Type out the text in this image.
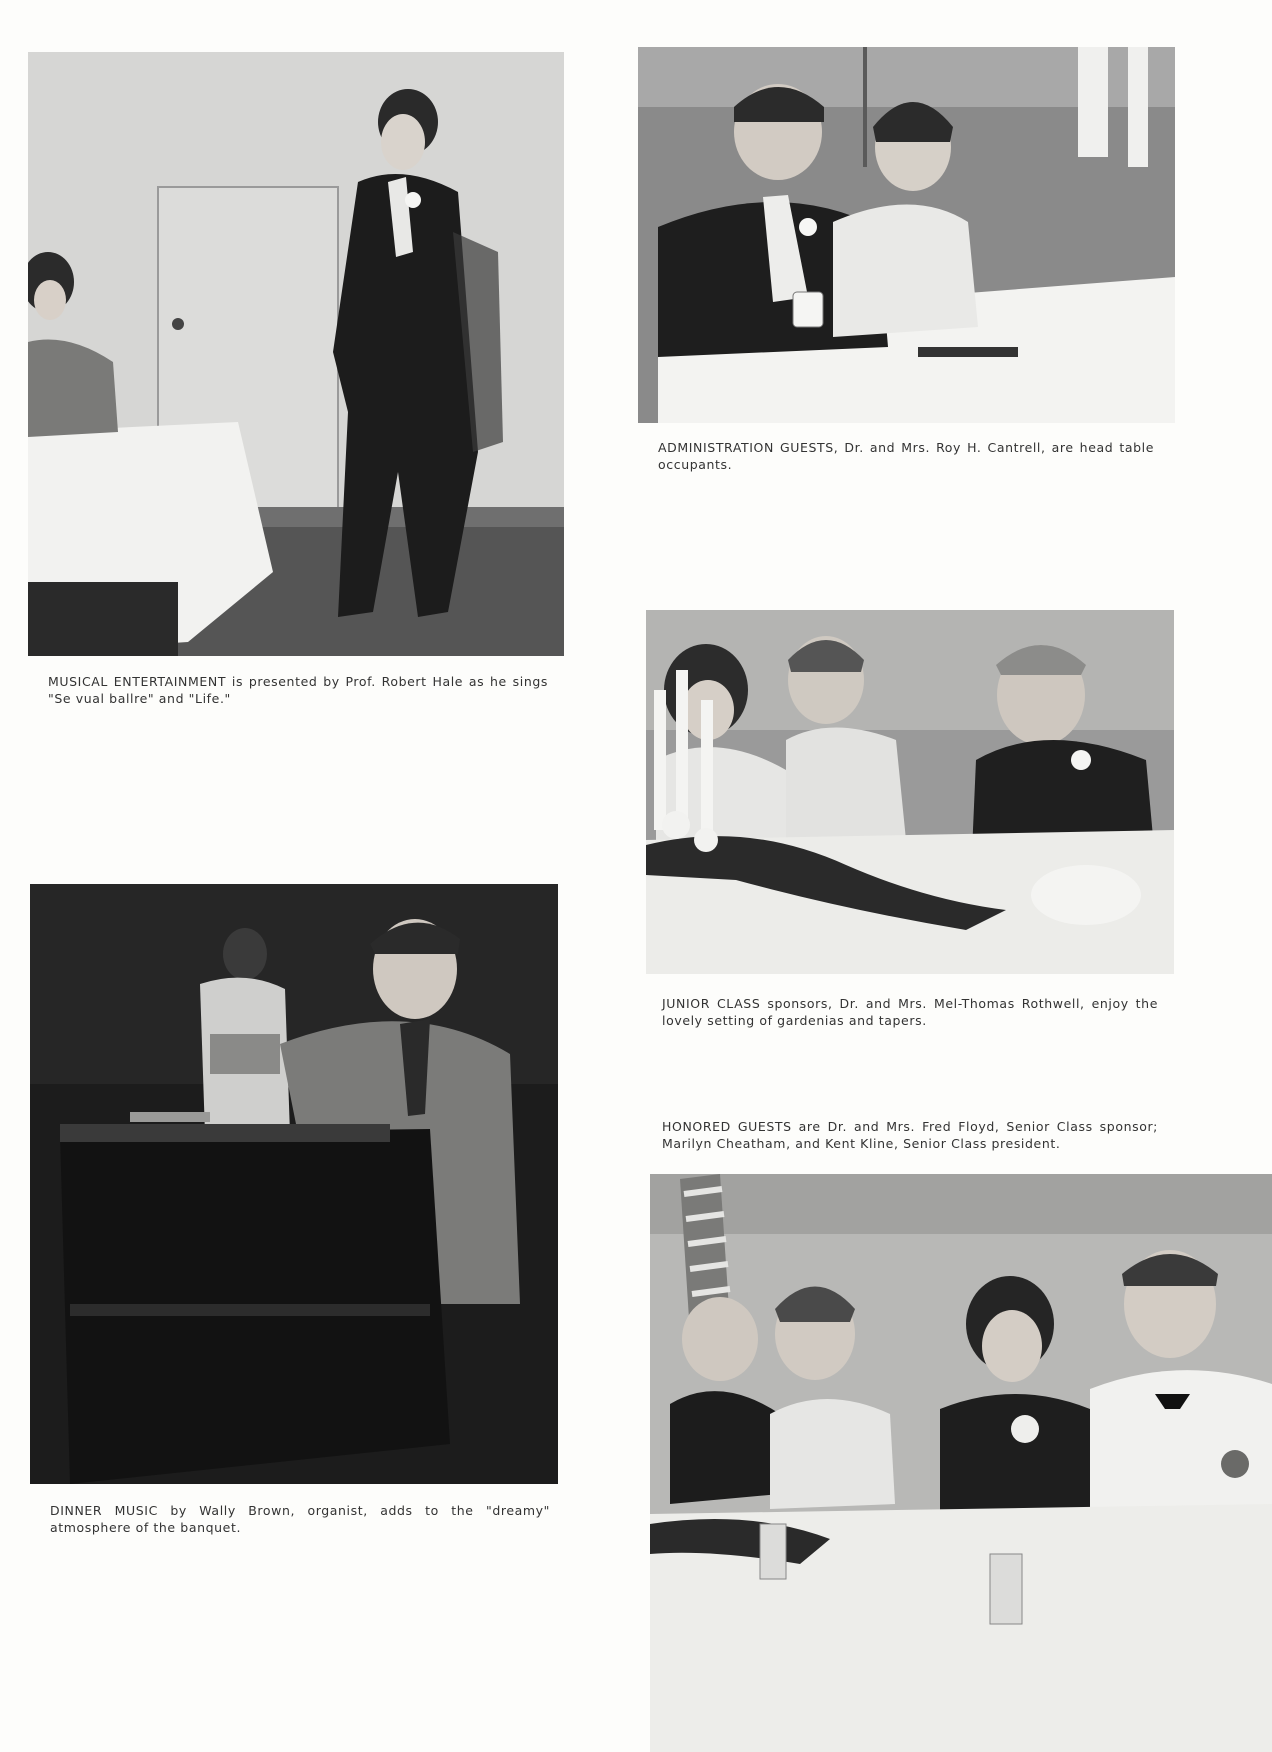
ADMINISTRATION GUESTS, Dr. and Mrs. Roy H. Cantrell, are head table occupants.
MUSICAL ENTERTAINMENT is presented by Prof. Robert Hale as he sings "Se vual ballre" and "Life."
JUNIOR CLASS sponsors, Dr. and Mrs. Mel-Thomas Rothwell, enjoy the lovely setting of gardenias and tapers.
HONORED GUESTS are Dr. and Mrs. Fred Floyd, Senior Class sponsor; Marilyn Cheatham, and Kent Kline, Senior Class president.
DINNER MUSIC by Wally Brown, organist, adds to the "dreamy" atmosphere of the banquet.
